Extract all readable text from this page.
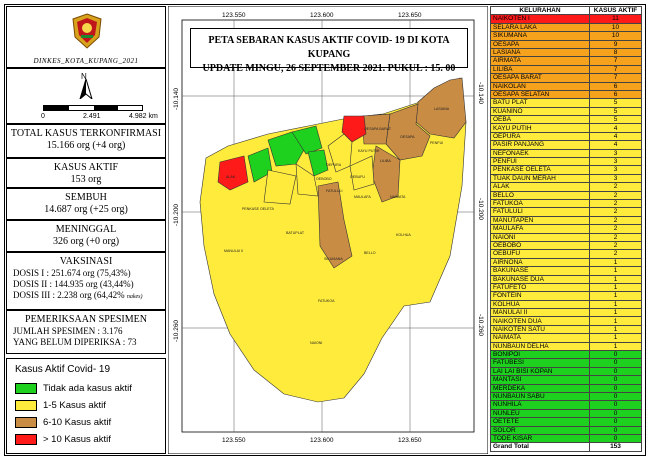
DINKES_KOTA_KUPANG_2021
N
0	2.491	4.982 km
TOTAL KASUS TERKONFIRMASI
15.166 org (+4 org)
KASUS AKTIF
153 org
SEMBUH
14.687 org (+25 org)
MENINGGAL
326 org (+0 org)
VAKSINASI
DOSIS I : 251.674 org (75,43%)
DOSIS II : 144.935 org (43,44%)
DOSIS III : 2.238 org (64,42% nakes)
PEMERIKSAAN SPESIMEN
JUMLAH SPESIMEN : 3.176
YANG BELUM DIPERIKSA : 73
Kasus Aktif Covid- 19
Tidak ada kasus aktif
1-5 Kasus aktif
6-10 Kasus aktif
> 10 Kasus aktif
LASIANA
OESAPA BARAT
OESAPA
KAYU PUTIH
LILIBA
PENFUI
OEBUFU
FATULULI
MAULAFA	NAIMATA
KOLHUA
BELLO
SIKUMANA
FATUKOA
NAIONI
MANULAI II
BATUPLAT
PENKASE OELETA
OEPURA
OEBOBO
ALAK
123.550	123.600	123.650
123.550	123.600	123.650
-10.140
-10.200
-10.260
-10.140
-10.200
-10.260
PETA SEBARAN KASUS AKTIF COVID- 19 DI KOTA KUPANG
UPDATE MINGU, 26 SEPTEMBER 2021. PUKUL : 15. 00
KELURAHAN	KASUS AKTIF
NAIKOTEN I	11
SELARA LAKA	10
SIKUMANA	10
OESAPA	9
LASIANA	8
AIRMATA	7
LILIBA	7
OESAPA BARAT	7
NAIKOLAN	6
OESAPA SELATAN	6
BATU PLAT	5
KUANINO	5
OEBA	5
KAYU PUTIH	4
OEPURA	4
PASIR PANJANG	4
NEFONAEK	3
PENFUI	3
PENKASE OELETA	3
TUAK DAUN MERAH	3
ALAK	2
BELLO	2
FATUKOA	2
FATULULI	2
MANUTAPEN	2
MAULAFA	2
NAIONI	2
OEBOBO	2
OEBUFU	2
AIRNONA	1
BAKUNASE	1
BAKUNASE DUA	1
FATUFETO	1
FONTEIN	1
KOLHUA	1
MANULAI II	1
NAIKOTEN DUA	1
NAIKOTEN SATU	1
NAIMATA	1
NUNBAUN DELHA	1
BONIPOI	0
FATUBESI	0
LAI LAI BISI KOPAN	0
MANTASI	0
MERDEKA	0
NUNBAUN SABU	0
NUNHILA	0
NUNLEU	0
OETETE	0
SOLOR	0
TODE KISAR	0
Grand Total	153
